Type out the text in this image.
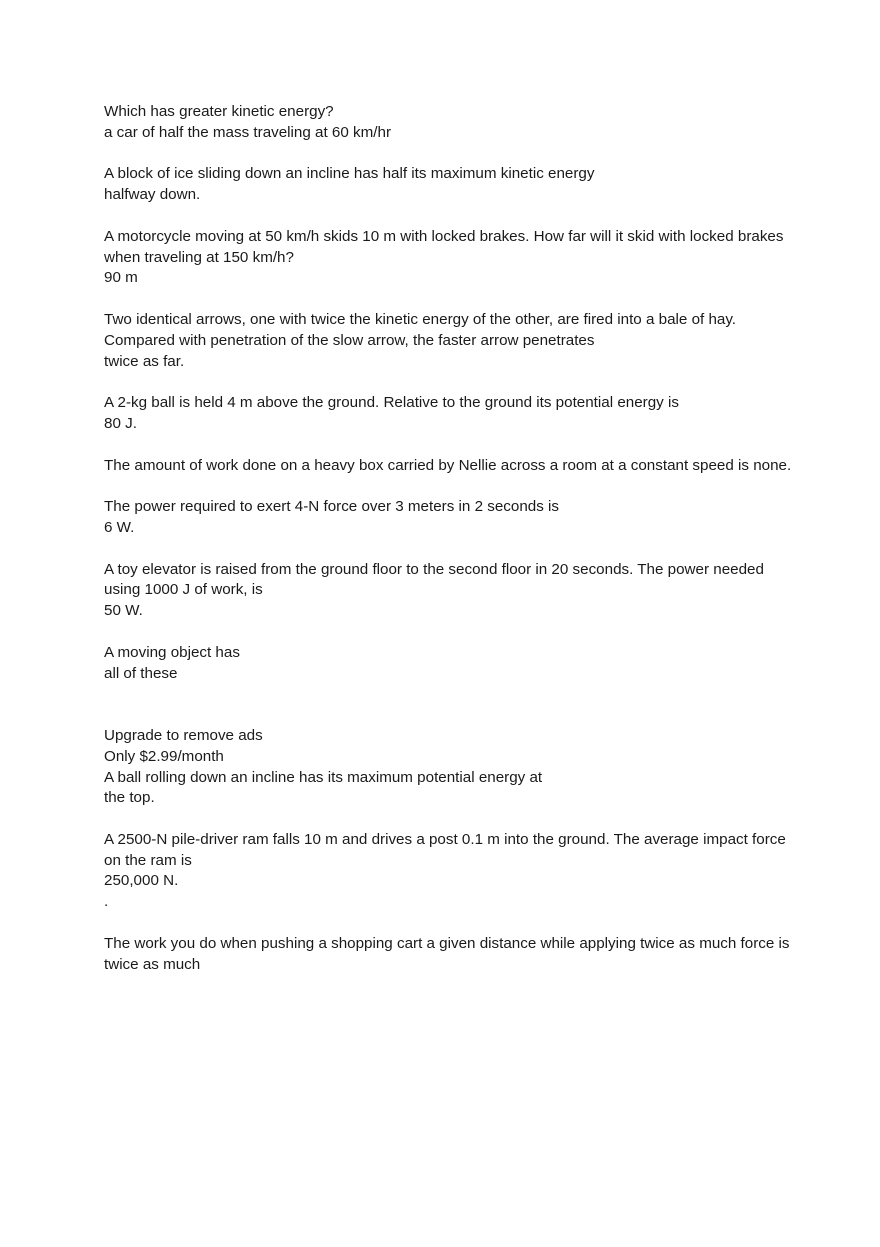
Which has greater kinetic energy?

a car of half the mass traveling at 60 km/hr

A block of ice sliding down an incline has half its maximum kinetic energy

halfway down.

A motorcycle moving at 50 km/h skids 10 m with locked brakes. How far will it skid with locked brakes when traveling at 150 km/h?

90 m

Two identical arrows, one with twice the kinetic energy of the other, are fired into a bale of hay. Compared with penetration of the slow arrow, the faster arrow penetrates

twice as far.

A 2-kg ball is held 4 m above the ground. Relative to the ground its potential energy is

80 J.

The amount of work done on a heavy box carried by Nellie across a room at a constant speed is none.

The power required to exert 4-N force over 3 meters in 2 seconds is

6 W.

A toy elevator is raised from the ground floor to the second floor in 20 seconds. The power needed using 1000 J of work, is

50 W.

A moving object has

all of these

Upgrade to remove ads

Only $2.99/month

A ball rolling down an incline has its maximum potential energy at

the top.

A 2500-N pile-driver ram falls 10 m and drives a post 0.1 m into the ground. The average impact force on the ram is

250,000 N.

.

The work you do when pushing a shopping cart a given distance while applying twice as much force is

twice as much
